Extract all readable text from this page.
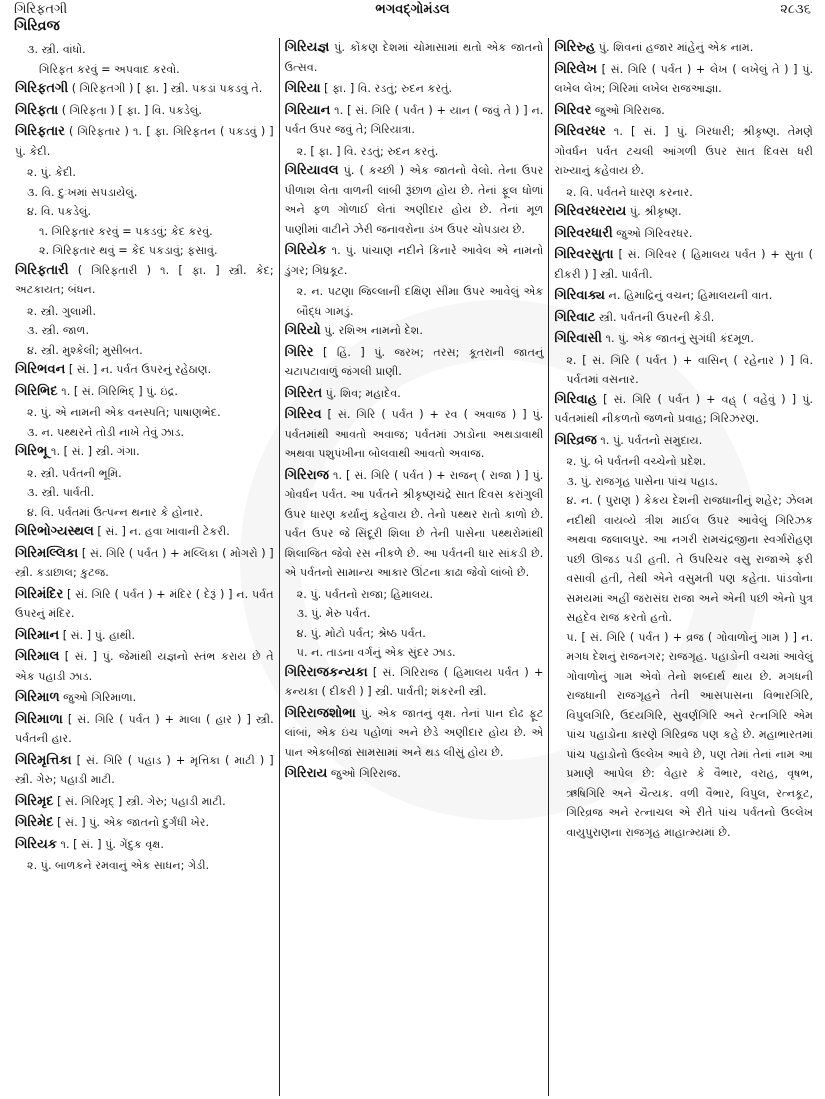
ગિરિફતગી
ગિરિવ્રજ
ભગવદ્ગોમંડલ	૨૮૩૬
૩. સ્ત્રી. વાંધો.
ગિરિફત કરવું = અપવાદ કરવો.
ગિરિફતગી ( ગિરિફતગી ) [ ફા. ] સ્ત્રી. પકડાં પકડવું તે.
ગિરિફતા ( ગિરિફતા ) [ ફા. ] વિ. પકડેલું.
ગિરિફતાર ( ગિરિફતાર ) ૧. [ ફા. ગિરિફતન ( પકડવું ) ] પું. કેદી.
૨. પું. કેદી.
૩. વિ. દુઃખમાં સપડાયેલું.
૪. વિ. પકડેલું.
૧. ગિરિફતાર કરવું = પકડવું; કેદ કરવું.
૨. ગિરિફતાર થવું = કેદ પકડાવું; ફસાવું.
ગિરિફતારી ( ગિરિફતારી ) ૧. [ ફા. ] સ્ત્રી. કેદ; અટકાયત; બંધન.
૨. સ્ત્રી. ગુલામી.
૩. સ્ત્રી. જાળ.
૪. સ્ત્રી. મુશ્કેલી; મુસીબત.
ગિરિભવન [ સં. ] ન. પર્વત ઉપરનું રહેઠાણ.
ગિરિભિદ ૧. [ સં. ગિરિભિદ્ ] પું. ઇંદ્ર.
૨. પું. એ નામની એક વનસ્પતિ; પાષાણભેદ.
૩. ન. પથ્થરને તોડી નાખે તેવું ઝાડ.
ગિરિભૂ ૧. [ સં. ] સ્ત્રી. ગંગા.
૨. સ્ત્રી. પર્વતની ભૂમિ.
૩. સ્ત્રી. પાર્વતી.
૪. વિ. પર્વતમાં ઉત્પન્ન થનાર કે હોનાર.
ગિરિભોગ્યસ્થલ [ સં. ] ન. હવા ખાવાની ટેકરી.
ગિરિમલ્લિકા [ સં. ગિરિ ( પર્વત ) + મલ્લિકા ( મોગરો ) ] સ્ત્રી. કડાછાલ; કુટજ.
ગિરિમંદિર [ સં. ગિરિ ( પર્વત ) + મંદિર ( દેરૂં ) ] ન. પર્વત ઉપરનું મંદિર.
ગિરિમાન [ સં. ] પું. હાથી.
ગિરિમાલ [ સં. ] પું. જેમાંથી યજ્ઞનો સ્તંભ કરાય છે તે એક પહાડી ઝાડ.
ગિરિમાળ જુઓ ગિરિમાળા.
ગિરિમાળા [ સં. ગિરિ ( પર્વત ) + માલા ( હાર ) ] સ્ત્રી. પર્વતની હાર.
ગિરિમૃત્તિકા [ સં. ગિરિ ( પહાડ ) + મૃત્તિકા ( માટી ) ] સ્ત્રી. ગેરુ; પહાડી માટી.
ગિરિમૃદ [ સં. ગિરિમૃદ્ ] સ્ત્રી. ગેરુ; પહાડી માટી.
ગિરિમેદ [ સં. ] પું. એક જાતનો દુર્ગંધી ખેર.
ગિરિયક ૧. [ સં. ] પું. ગેંદુક વૃક્ષ.
૨. પું. બાળકને રમવાનું એક સાધન; ગેડી.
ગિરિયજ્ઞ પું. કોંકણ દેશમાં ચોમાસામાં થતો એક જાતનો ઉત્સવ.
ગિરિયા [ ફા. ] વિ. રડતું; રુદન કરતું.
ગિરિયાન ૧. [ સં. ગિરિ ( પર્વત ) + યાન ( જવું તે ) ] ન. પર્વત ઉપર જવું તે; ગિરિયાત્રા.
૨. [ ફા. ] વિ. રડતું; રુદન કરતું.
ગિરિયાવલ પું. ( કચ્છી ) એક જાતનો વેલો. તેના ઉપર પીળાશ લેતા વાળની લાંબી રૂંછાળ હોય છે. તેનાં ફૂલ ધોળાં અને ફળ ગોળાઈ લેતાં અણીદાર હોય છે. તેનાં મૂળ પાણીમાં વાટીને ઝેરી જનાવરોના ડંખ ઉપર ચોપડાય છે.
ગિરિયેક ૧. પું. પાંચાણ નદીને કિનારે આવેલ એ નામનો ડુંગર; ગિધ્રકૂટ.
૨. ન. પટણા જિલ્લાની દક્ષિણ સીમા ઉપર આવેલું એક બૌદ્ધ ગામડું.
ગિરિયો પું. રશિઅ નામનો દેશ.
ગિરિર [ હિં. ] પું. જરખ; તરસ; કૂતરાની જાતનું ચટાપટાવાળું જંગલી પ્રાણી.
ગિરિરત પું. શિવ; મહાદેવ.
ગિરિરવ [ સં. ગિરિ ( પર્વત ) + રવ ( અવાજ ) ] પું. પર્વતમાંથી આવતો અવાજ; પર્વતમાં ઝાડોના અથડાવાથી અથવા પશુપંખીના બોલવાથી આવતો અવાજ.
ગિરિરાજ ૧. [ સં. ગિરિ ( પર્વત ) + રાજન્ ( રાજા ) ] પું. ગોવર્ધન પર્વત. આ પર્વતને શ્રીકૃષ્ણચંદ્રે સાત દિવસ કરાંગુલી ઉપર ધારણ કર્યાનું કહેવાય છે. તેનો પથ્થર રાતો કાળો છે. પર્વત ઉપર જે સિંદૂરી શિલા છે તેની પાસેના પથ્થરોમાંથી શિલાજિત જેવો રસ નીકળે છે. આ પર્વતની ધાર સાંકડી છે. એ પર્વતનો સામાન્ય આકાર ઊંટના કાઢા જેવો લાંબો છે.
૨. પું. પર્વતનો રાજા; હિમાલય.
૩. પું. મેરુ પર્વત.
૪. પું. મોટો પર્વત; શ્રેષ્ઠ પર્વત.
૫. ન. તાડના વર્ગનું એક સુંદર ઝાડ.
ગિરિરાજકન્યકા [ સં. ગિરિરાજ ( હિમાલય પર્વત ) + કન્યકા ( દીકરી ) ] સ્ત્રી. પાર્વતી; શંકરની સ્ત્રી.
ગિરિરાજશોભા પું. એક જાતનું વૃક્ષ. તેનાં પાન દોઢ ફૂટ લાંબાં, એક ઇંચ પહોળાં અને છેડે અણીદાર હોય છે. એ પાન એકબીજાં સામસામાં અને થડ લીસું હોય છે.
ગિરિરાય જુઓ ગિરિરાજ.
ગિરિરુહ પું. શિવનાં હજાર માંહેનું એક નામ.
ગિરિલેખ [ સં. ગિરિ ( પર્વત ) + લેખ ( લખેલું તે ) ] પું. લખેલ લેખ; ગિરિમાં લખેલ રાજઆજ્ઞા.
ગિરિવર જુઓ ગિરિરાજ.
ગિરિવરધર ૧. [ સં. ] પું. ગિરધારી; શ્રીકૃષ્ણ. તેમણે ગોવર્ધન પર્વત ટચલી આંગળી ઉપર સાત દિવસ ધરી રાખ્યાનું કહેવાય છે.
૨. વિ. પર્વતને ધારણ કરનાર.
ગિરિવરધરરાય પું. શ્રીકૃષ્ણ.
ગિરિવરધારી જુઓ ગિરિવરધર.
ગિરિવરસુતા [ સં. ગિરિવર ( હિમાલય પર્વત ) + સુતા ( દીકરી ) ] સ્ત્રી. પાર્વતી.
ગિરિવાક્ય ન. હિમાદ્રિનું વચન; હિમાલયની વાત.
ગિરિવાટ સ્ત્રી. પર્વતની ઉપરની કેડી.
ગિરિવાસી ૧. પું. એક જાતનું સુગંધી કંદમૂળ.
૨. [ સં. ગિરિ ( પર્વત ) + વાસિન્ ( રહેનાર ) ] વિ. પર્વતમાં વસનાર.
ગિરિવાહ [ સં. ગિરિ ( પર્વત ) + વહ્ ( વહેવું ) ] પું. પર્વતમાંથી નીકળતો જળનો પ્રવાહ; ગિરિઝરણ.
ગિરિવ્રજ ૧. પું. પર્વતનો સમુદાય.
૨. પું. બે પર્વતની વચ્ચેનો પ્રદેશ.
૩. પું. રાજગૃહ પાસેના પાંચ પહાડ.
૪. ન. ( પુરાણ ) કેકય દેશની રાજધાનીનું શહેર; ઝેલમ નદીથી વાયવ્યે ત્રીશ માઈલ ઉપર આવેલું ગિરિઝક અથવા જલાલપુર. આ નગરી રામચંદ્રજીના સ્વર્ગારોહણ પછી ઊજડ પડી હતી. તે ઉપરિચર વસુ રાજાએ ફરી વસાવી હતી, તેથી એને વસુમતી પણ કહેતા. પાંડવોના સમયમાં અહીં જરાસંઘ રાજા અને એની પછી એનો પુત્ર સહદેવ રાજ કરતો હતો.
૫. [ સં. ગિરિ ( પર્વત ) + વ્રજ ( ગોવાળોનું ગામ ) ] ન. મગધ દેશનું રાજનગર; રાજગૃહ. પહાડોની વચમાં આવેલું ગોવાળોનું ગામ એવો તેનો શબ્દાર્થ થાય છે. મગધની રાજધાની રાજગૃહને તેની આસપાસના વિભારગિરિ, વિપુલગિરિ, ઉદયગિરિ, સુવર્ણગિરિ અને રત્નગિરિ એમ પાંચ પહાડોના કારણે ગિરિવ્રજ પણ કહે છે. મહાભારતમાં પાંચ પહાડોનો ઉલ્લેખ આવે છે, પણ તેમાં તેનાં નામ આ પ્રમાણે આપેલ છે: વેહાર કે વૈભાર, વરાહ, વૃષભ, ઋષિગિરિ અને ચૈત્યક. વળી વૈભાર, વિપુલ, રત્નકૂટ, ગિરિવ્રજ અને રત્નાચલ એ રીતે પાંચ પર્વતનો ઉલ્લેખ વાયુપુરાણના રાજગૃહ માહાત્મ્યમાં છે.
